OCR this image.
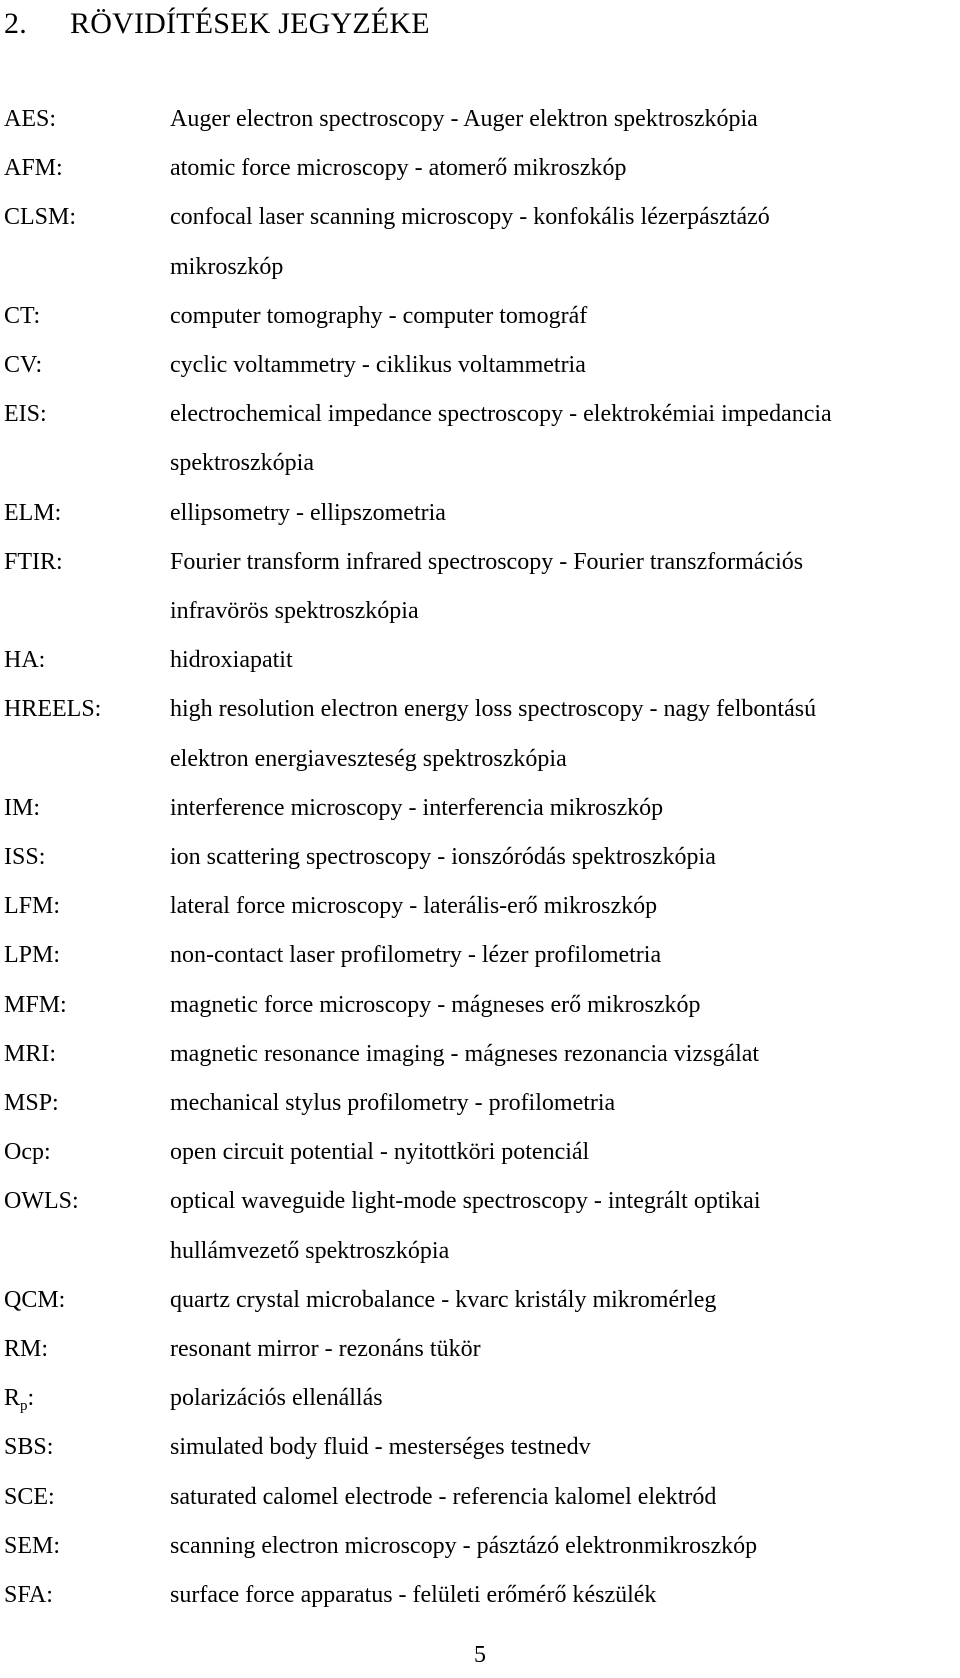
2. RÖVIDÍTÉSEK JEGYZÉKE
AES:	Auger electron spectroscopy - Auger elektron spektroszkópia
AFM:	atomic force microscopy - atomerő mikroszkóp
CLSM:	confocal laser scanning microscopy - konfokális lézerpásztázó
mikroszkóp
CT:	computer tomography - computer tomográf
CV:	cyclic voltammetry - ciklikus voltammetria
EIS:	electrochemical impedance spectroscopy - elektrokémiai impedancia
spektroszkópia
ELM:	ellipsometry - ellipszometria
FTIR:	Fourier transform infrared spectroscopy - Fourier transzformációs
infravörös spektroszkópia
HA:	hidroxiapatit
HREELS:	high resolution electron energy loss spectroscopy - nagy felbontású
elektron energiaveszteség spektroszkópia
IM:	interference microscopy - interferencia mikroszkóp
ISS:	ion scattering spectroscopy - ionszóródás spektroszkópia
LFM:	lateral force microscopy - laterális-erő mikroszkóp
LPM:	non-contact laser profilometry - lézer profilometria
MFM:	magnetic force microscopy - mágneses erő mikroszkóp
MRI:	magnetic resonance imaging - mágneses rezonancia vizsgálat
MSP:	mechanical stylus profilometry - profilometria
Ocp:	open circuit potential - nyitottköri potenciál
OWLS:	optical waveguide light-mode spectroscopy - integrált optikai
hullámvezető spektroszkópia
QCM:	quartz crystal microbalance - kvarc kristály mikromérleg
RM:	resonant mirror - rezonáns tükör
$R_p$:	polarizációs ellenállás
SBS:	simulated body fluid - mesterséges testnedv
SCE:	saturated calomel electrode - referencia kalomel elektród
SEM:	scanning electron microscopy - pásztázó elektronmikroszkóp
SFA:	surface force apparatus - felületi erőmérő készülék
5
